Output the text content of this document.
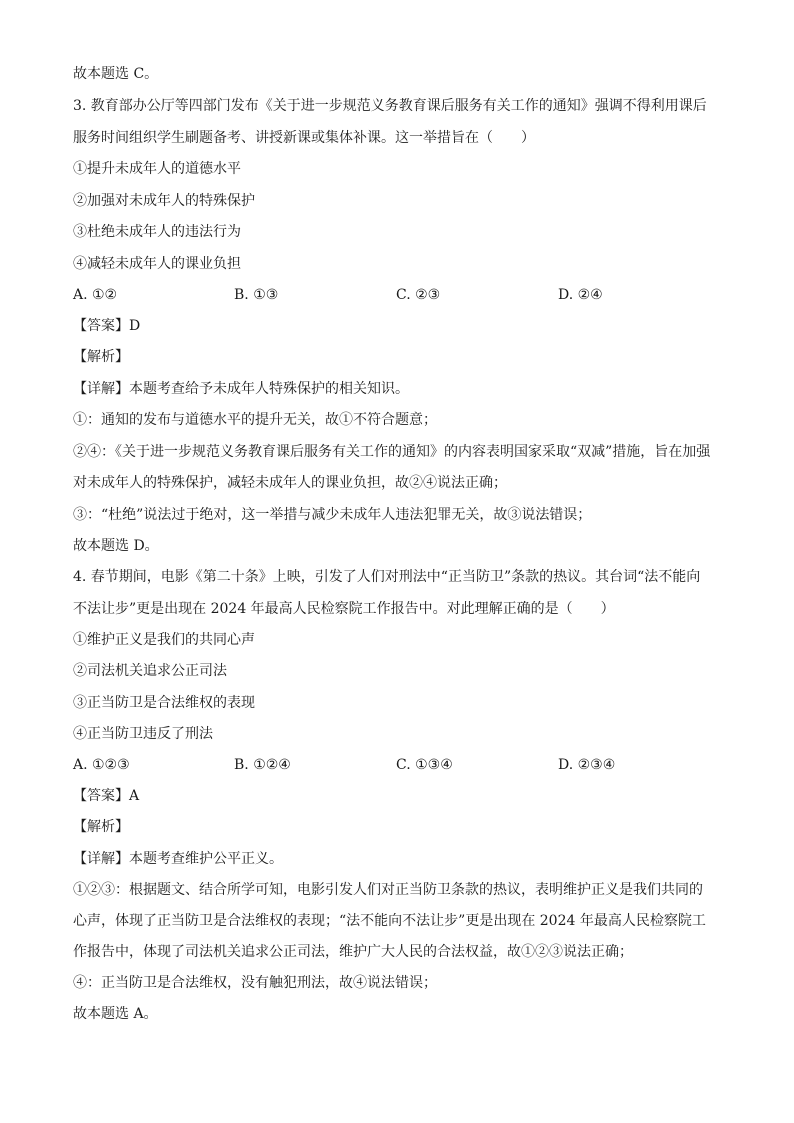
故本题选 C。
3. 教育部办公厅等四部门发布《关于进一步规范义务教育课后服务有关工作的通知》强调不得利用课后
服务时间组织学生刷题备考、讲授新课或集体补课。这一举措旨在（　　）
①提升未成年人的道德水平
②加强对未成年人的特殊保护
③杜绝未成年人的违法行为
④减轻未成年人的课业负担
A. ①②	B. ①③	C. ②③	D. ②④
【答案】D
【解析】
【详解】本题考查给予未成年人特殊保护的相关知识。
①：通知的发布与道德水平的提升无关，故①不符合题意；
②④：《关于进一步规范义务教育课后服务有关工作的通知》的内容表明国家采取“双减”措施，旨在加强
对未成年人的特殊保护，减轻未成年人的课业负担，故②④说法正确；
③：“杜绝”说法过于绝对，这一举措与减少未成年人违法犯罪无关，故③说法错误；
故本题选 D。
4. 春节期间，电影《第二十条》上映，引发了人们对刑法中“正当防卫”条款的热议。其台词“法不能向
不法让步”更是出现在 2024 年最高人民检察院工作报告中。对此理解正确的是（　　）
①维护正义是我们的共同心声
②司法机关追求公正司法
③正当防卫是合法维权的表现
④正当防卫违反了刑法
A. ①②③	B. ①②④	C. ①③④	D. ②③④
【答案】A
【解析】
【详解】本题考查维护公平正义。
①②③：根据题文、结合所学可知，电影引发人们对正当防卫条款的热议，表明维护正义是我们共同的
心声，体现了正当防卫是合法维权的表现；“法不能向不法让步”更是出现在 2024 年最高人民检察院工
作报告中，体现了司法机关追求公正司法，维护广大人民的合法权益，故①②③说法正确；
④：正当防卫是合法维权，没有触犯刑法，故④说法错误；
故本题选 A。
